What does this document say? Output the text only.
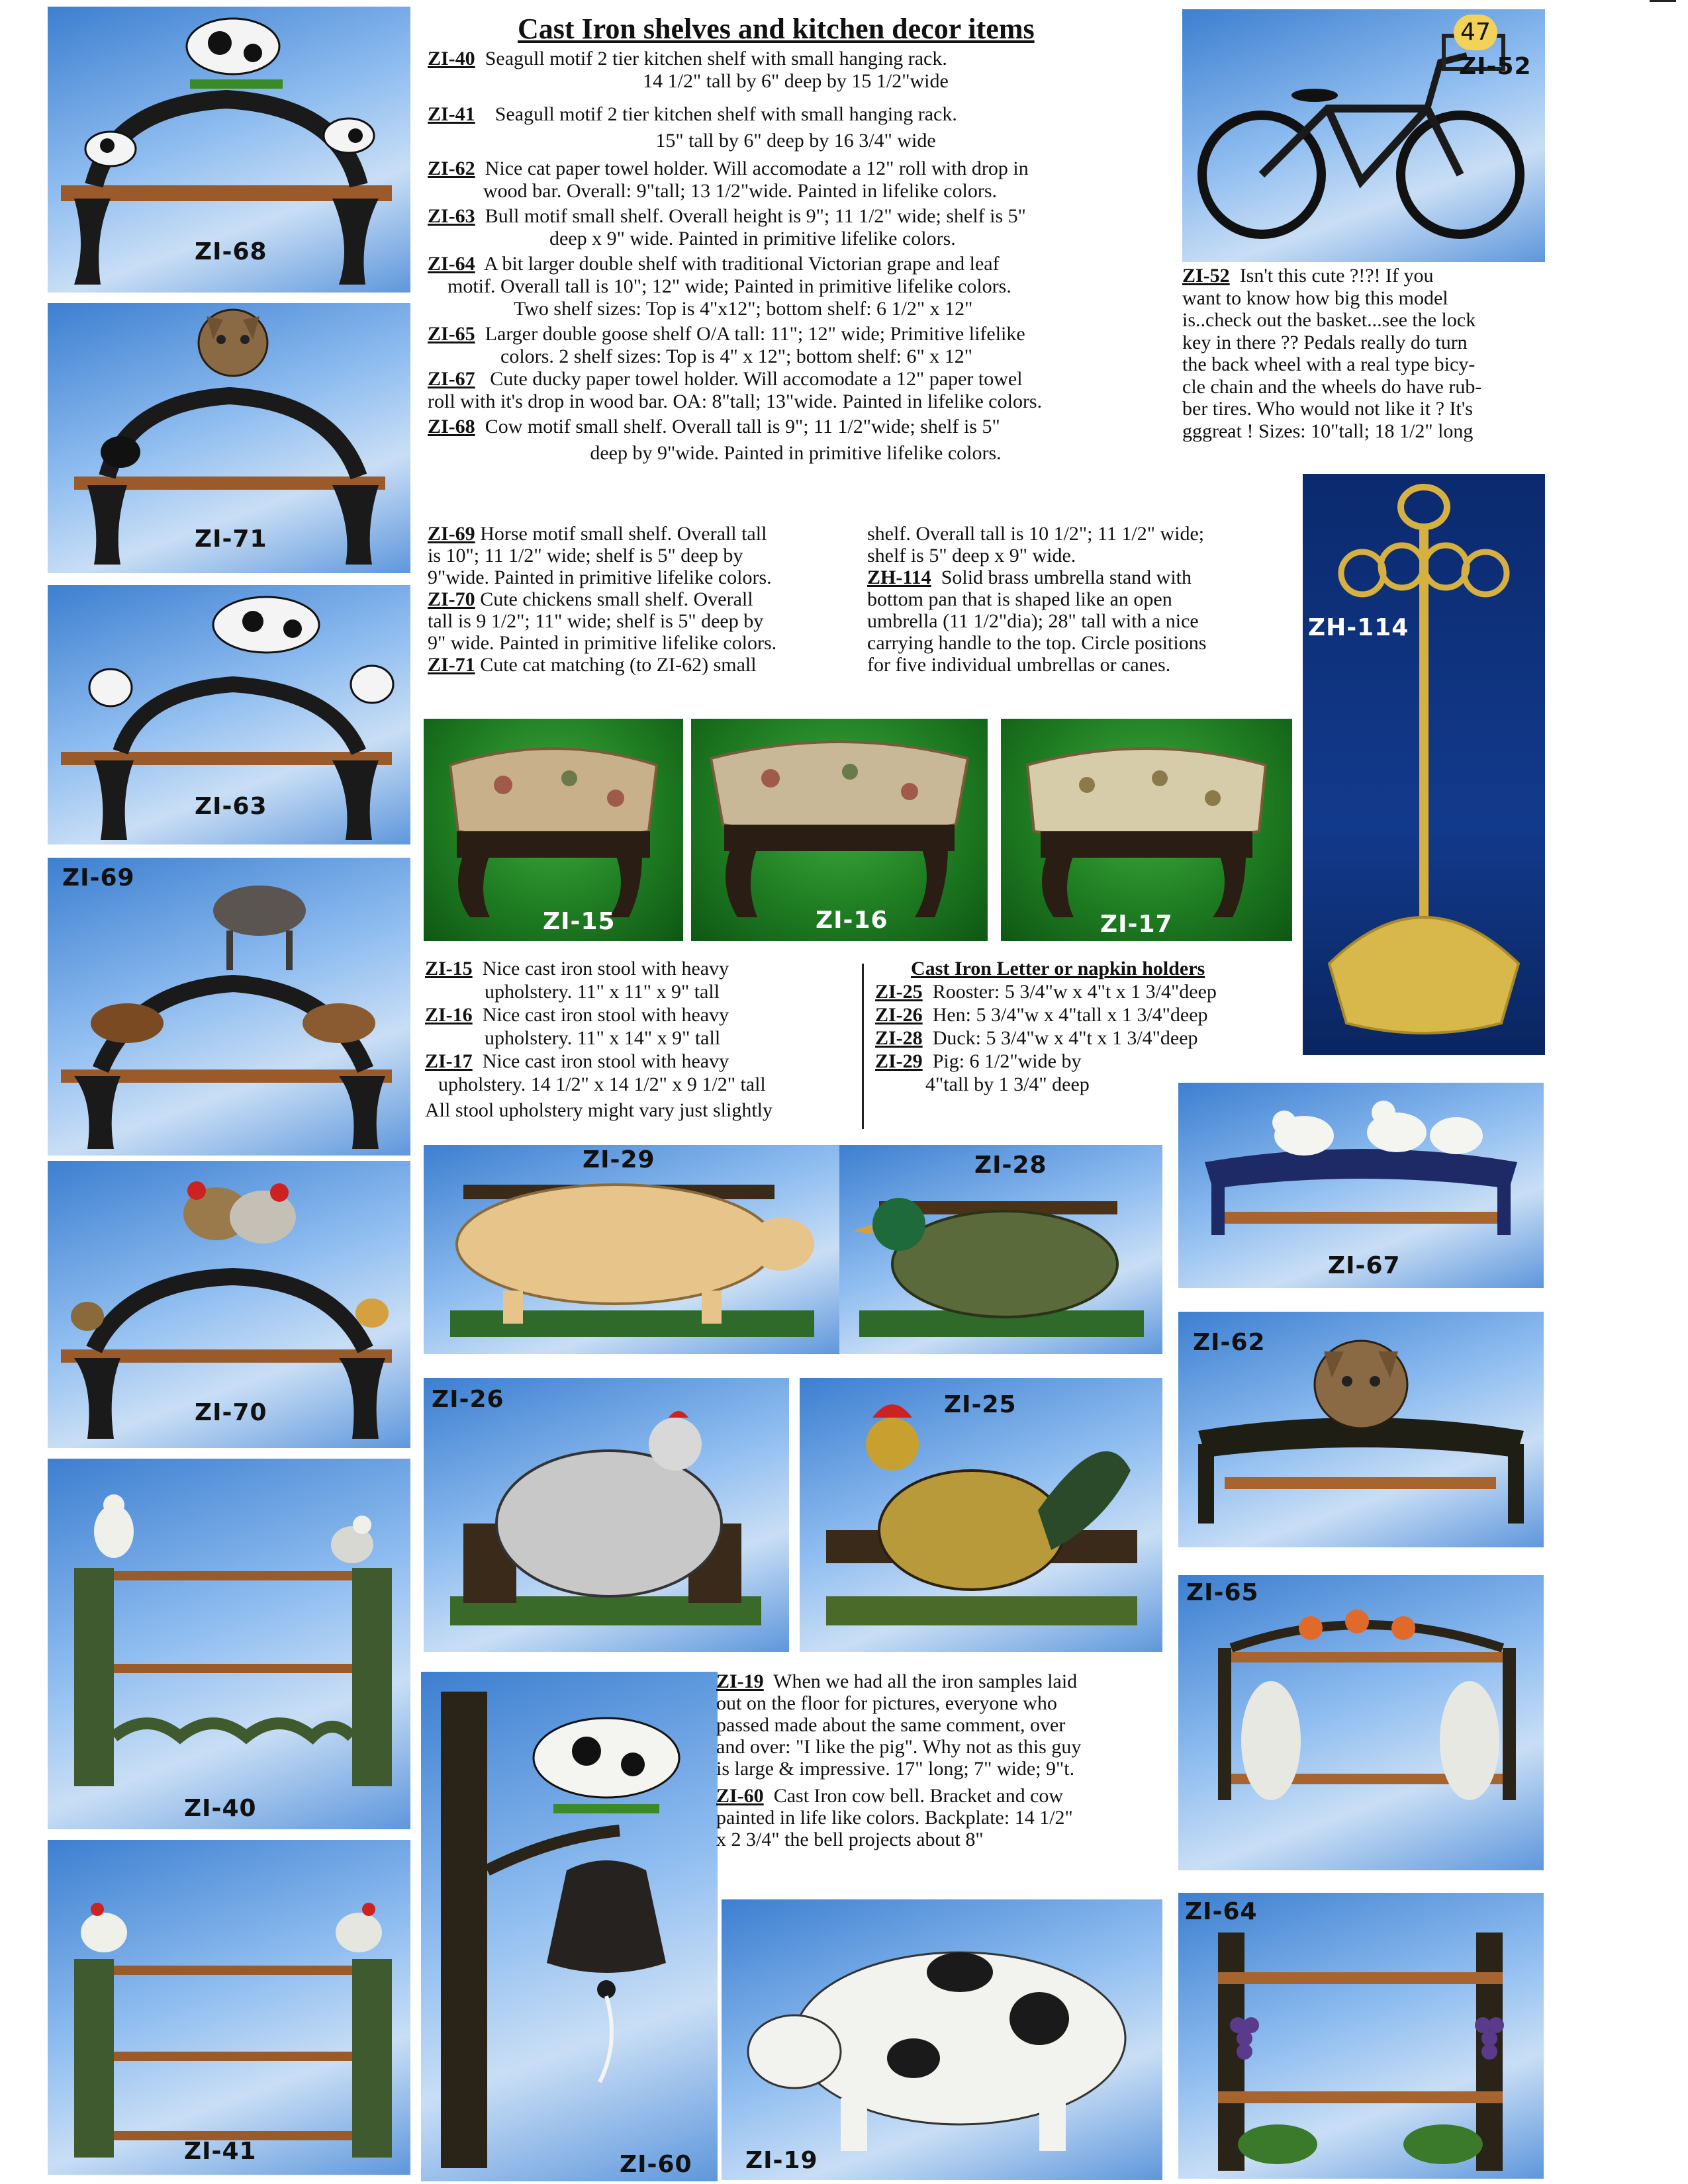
ZI-68
ZI-71
ZI-63
ZI-69
ZI-70
ZI-40
ZI-41
Cast Iron shelves and kitchen decor items

ZI-40 Seagull motif 2 tier kitchen shelf with small hanging rack.

14 1/2" tall by 6" deep by 15 1/2"wide

ZI-41 Seagull motif 2 tier kitchen shelf with small hanging rack.

15" tall by 6" deep by 16 3/4" wide

ZI-62 Nice cat paper towel holder. Will accomodate a 12" roll with drop in

wood bar. Overall: 9"tall; 13 1/2"wide. Painted in lifelike colors.

ZI-63 Bull motif small shelf. Overall height is 9"; 11 1/2" wide; shelf is 5"

deep x 9" wide. Painted in primitive lifelike colors.

ZI-64 A bit larger double shelf with traditional Victorian grape and leaf

motif. Overall tall is 10"; 12" wide; Painted in primitive lifelike colors.

Two shelf sizes: Top is 4"x12"; bottom shelf: 6 1/2" x 12"

ZI-65 Larger double goose shelf O/A tall: 11"; 12" wide; Primitive lifelike

colors. 2 shelf sizes: Top is 4" x 12"; bottom shelf: 6" x 12"

ZI-67 Cute ducky paper towel holder. Will accomodate a 12" paper towel

roll with it's drop in wood bar. OA: 8"tall; 13"wide. Painted in lifelike colors.

ZI-68 Cow motif small shelf. Overall tall is 9"; 11 1/2"wide; shelf is 5"

deep by 9"wide. Painted in primitive lifelike colors.

ZI-52
47

ZI-52 Isn't this cute ?!?! If you

want to know how big this model

is..check out the basket...see the lock

key in there ?? Pedals really do turn

the back wheel with a real type bicy-

cle chain and the wheels do have rub-

ber tires. Who would not like it ? It's

gggreat ! Sizes: 10"tall; 18 1/2" long

ZI-69 Horse motif small shelf. Overall tall

is 10"; 11 1/2" wide; shelf is 5" deep by

9"wide. Painted in primitive lifelike colors.

ZI-70 Cute chickens small shelf. Overall

tall is 9 1/2"; 11" wide; shelf is 5" deep by

9" wide. Painted in primitive lifelike colors.

ZI-71 Cute cat matching (to ZI-62) small

shelf. Overall tall is 10 1/2"; 11 1/2" wide;

shelf is 5" deep x 9" wide.

ZH-114 Solid brass umbrella stand with

bottom pan that is shaped like an open

umbrella (11 1/2"dia); 28" tall with a nice

carrying handle to the top. Circle positions

for five individual umbrellas or canes.

ZH-114
ZI-15	ZI-16	ZI-17

ZI-15 Nice cast iron stool with heavy

upholstery. 11" x 11" x 9" tall

ZI-16 Nice cast iron stool with heavy

upholstery. 11" x 14" x 9" tall

ZI-17 Nice cast iron stool with heavy

upholstery. 14 1/2" x 14 1/2" x 9 1/2" tall

All stool upholstery might vary just slightly

Cast Iron Letter or napkin holders

ZI-25 Rooster: 5 3/4"w x 4"t x 1 3/4"deep

ZI-26 Hen: 5 3/4"w x 4"tall x 1 3/4"deep

ZI-28 Duck: 5 3/4"w x 4"t x 1 3/4"deep

ZI-29 Pig: 6 1/2"wide by

4"tall by 1 3/4" deep

ZI-67
ZI-29	ZI-28
ZI-62
ZI-26	ZI-25
ZI-65
ZI-60

ZI-19 When we had all the iron samples laid

out on the floor for pictures, everyone who

passed made about the same comment, over

and over: "I like the pig". Why not as this guy

is large & impressive. 17" long; 7" wide; 9"t.

ZI-60 Cast Iron cow bell. Bracket and cow

painted in life like colors. Backplate: 14 1/2"

x 2 3/4" the bell projects about 8"

ZI-19
ZI-64
